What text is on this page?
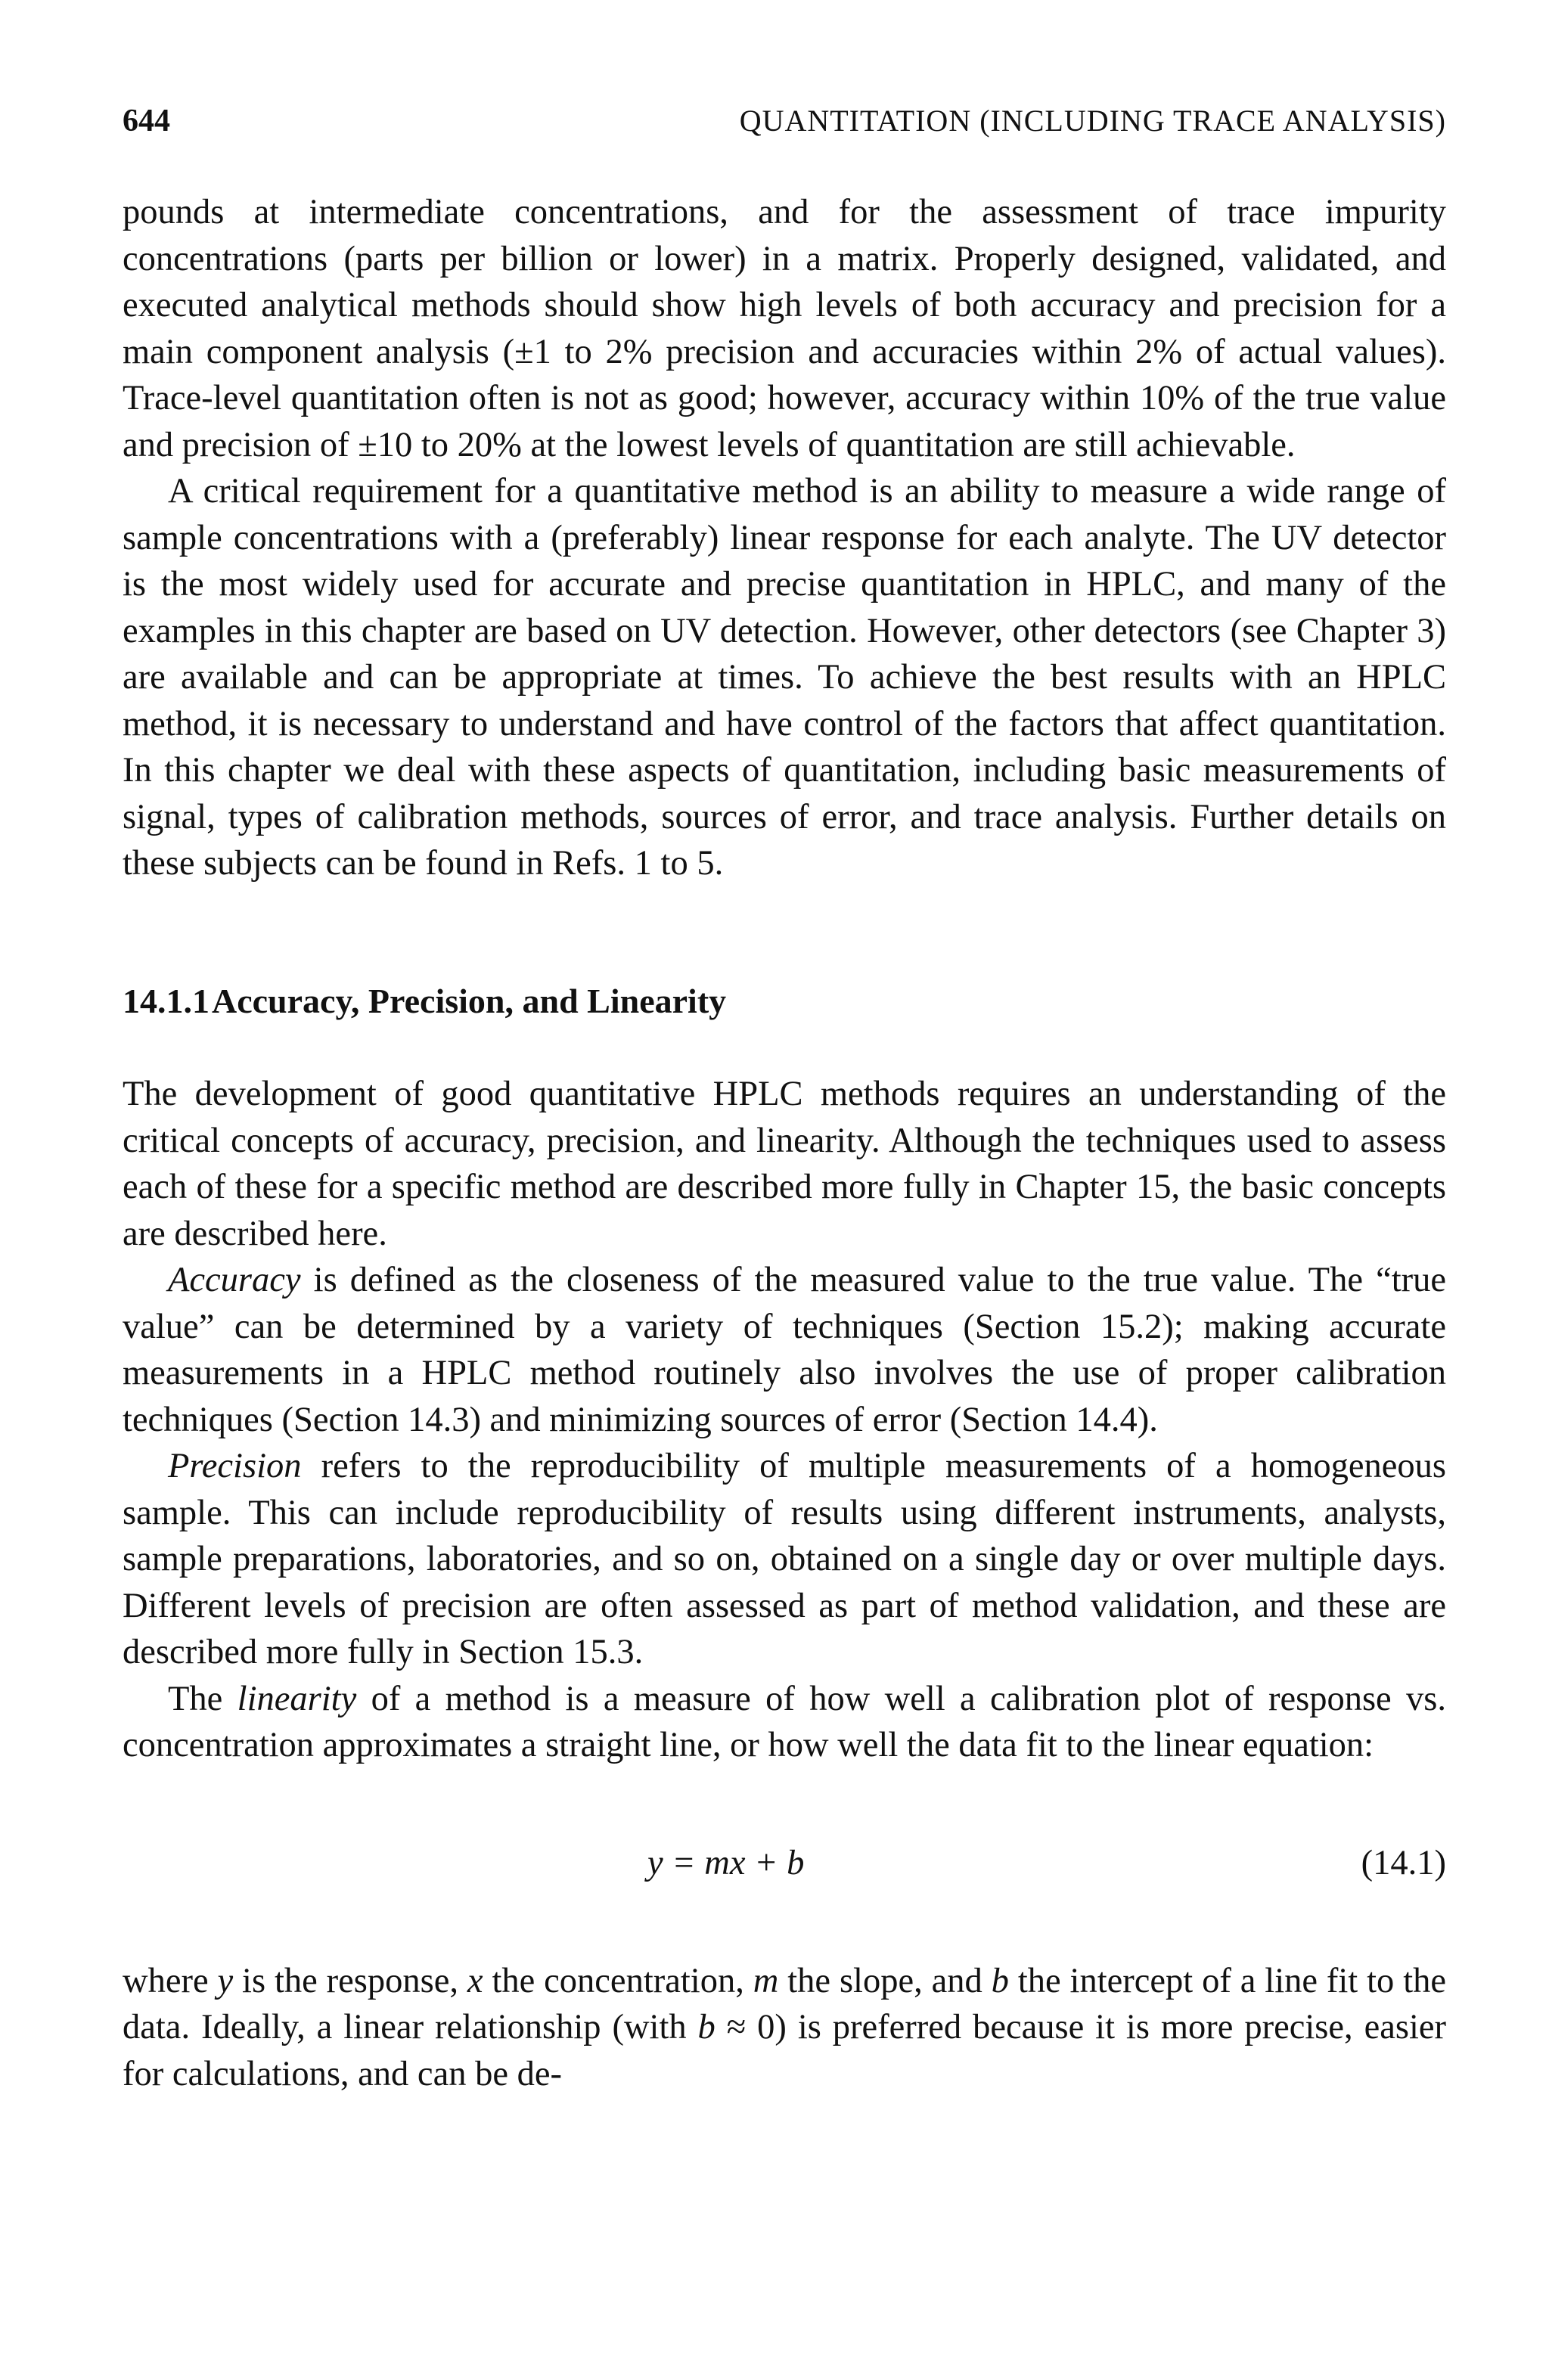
644	QUANTITATION (INCLUDING TRACE ANALYSIS)

pounds at intermediate concentrations, and for the assessment of trace impurity concentrations (parts per billion or lower) in a matrix. Properly designed, validated, and executed analytical methods should show high levels of both accuracy and precision for a main component analysis (±1 to 2% precision and accuracies within 2% of actual values). Trace-level quantitation often is not as good; however, accuracy within 10% of the true value and precision of ±10 to 20% at the lowest levels of quantitation are still achievable.

A critical requirement for a quantitative method is an ability to measure a wide range of sample concentrations with a (preferably) linear response for each analyte. The UV detector is the most widely used for accurate and precise quantitation in HPLC, and many of the examples in this chapter are based on UV detection. However, other detectors (see Chapter 3) are available and can be appropriate at times. To achieve the best results with an HPLC method, it is necessary to understand and have control of the factors that affect quantitation. In this chapter we deal with these aspects of quantitation, including basic measurements of signal, types of calibration methods, sources of error, and trace analysis. Further details on these subjects can be found in Refs. 1 to 5.

14.1.1Accuracy, Precision, and Linearity

The development of good quantitative HPLC methods requires an understanding of the critical concepts of accuracy, precision, and linearity. Although the techniques used to assess each of these for a specific method are described more fully in Chapter 15, the basic concepts are described here.

Accuracy is defined as the closeness of the measured value to the true value. The “true value” can be determined by a variety of techniques (Section 15.2); making accurate measurements in a HPLC method routinely also involves the use of proper calibration techniques (Section 14.3) and minimizing sources of error (Section 14.4).

Precision refers to the reproducibility of multiple measurements of a homogeneous sample. This can include reproducibility of results using different instruments, analysts, sample preparations, laboratories, and so on, obtained on a single day or over multiple days. Different levels of precision are often assessed as part of method validation, and these are described more fully in Section 15.3.

The linearity of a method is a measure of how well a calibration plot of response vs. concentration approximates a straight line, or how well the data fit to the linear equation:

y = mx + b	(14.1)

where y is the response, x the concentration, m the slope, and b the intercept of a line fit to the data. Ideally, a linear relationship (with b ≈ 0) is preferred because it is more precise, easier for calculations, and can be de-
